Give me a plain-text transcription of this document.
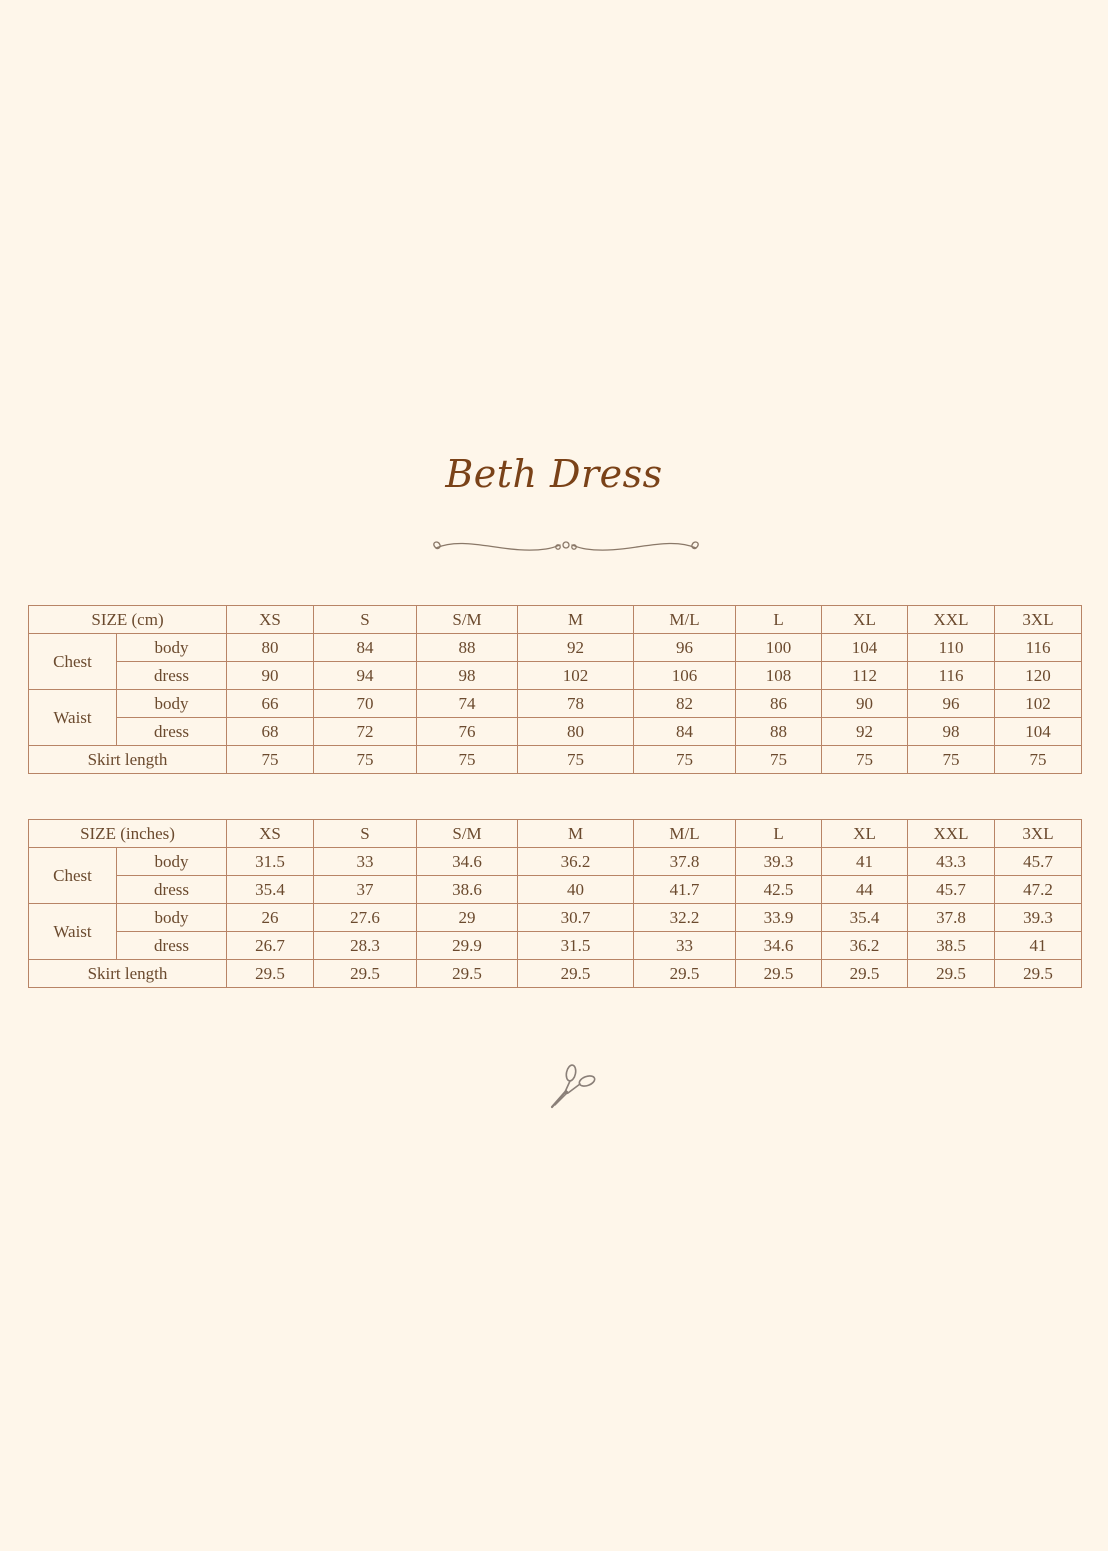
Beth Dress
SIZE (cm)		XS	S	S/M	M	M/L	L	XL	XXL	3XL
Chest	body	80	84	88	92	96	100	104	110	116
	dress	90	94	98	102	106	108	112	116	120
Waist	body	66	70	74	78	82	86	90	96	102
	dress	68	72	76	80	84	88	92	98	104
Skirt length		75	75	75	75	75	75	75	75	75
SIZE (inches)		XS	S	S/M	M	M/L	L	XL	XXL	3XL
Chest	body	31.5	33	34.6	36.2	37.8	39.3	41	43.3	45.7
	dress	35.4	37	38.6	40	41.7	42.5	44	45.7	47.2
Waist	body	26	27.6	29	30.7	32.2	33.9	35.4	37.8	39.3
	dress	26.7	28.3	29.9	31.5	33	34.6	36.2	38.5	41
Skirt length		29.5	29.5	29.5	29.5	29.5	29.5	29.5	29.5	29.5
